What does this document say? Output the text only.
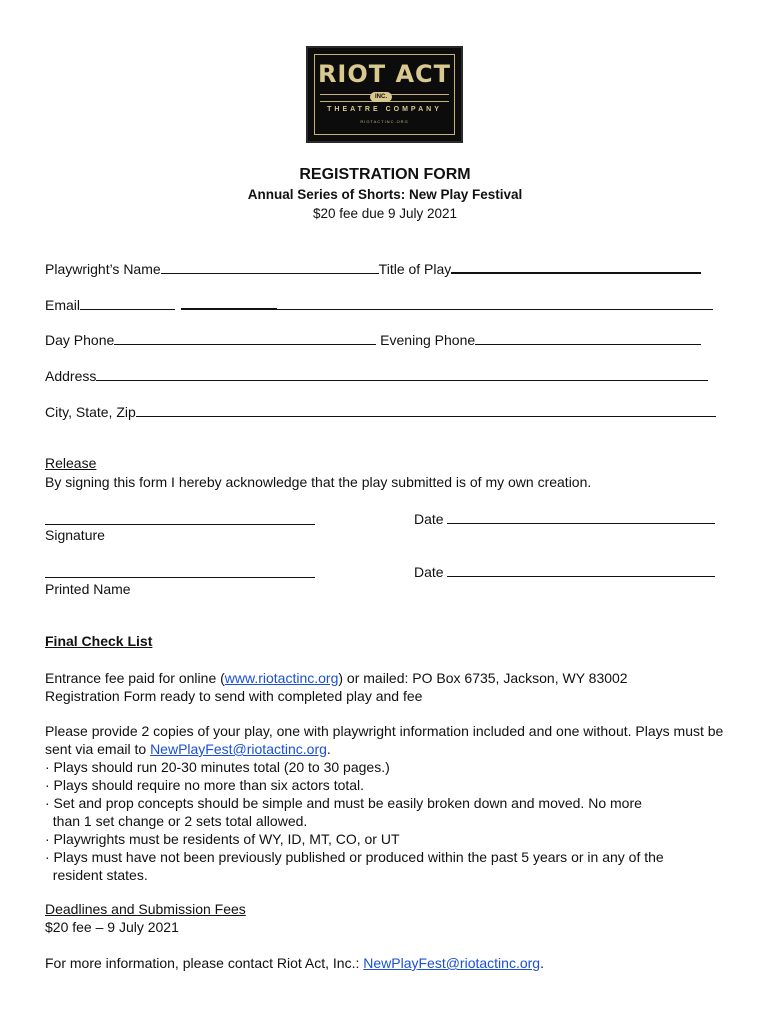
RIOT ACT
INC.
THEATRE COMPANY
RIOTACTINC.ORG
REGISTRATION FORM
Annual Series of Shorts: New Play Festival
$20 fee due 9 July 2021
Playwright’s Name	Title of Play
Email
Day Phone	Evening Phone
Address
City, State, Zip
Release
By signing this form I hereby acknowledge that the play submitted is of my own creation.
Date
Signature
Date
Printed Name
Final Check List
Entrance fee paid for online (www.riotactinc.org) or mailed: PO Box 6735, Jackson, WY 83002
Registration Form ready to send with completed play and fee

Please provide 2 copies of your play, one with playwright information included and one without. Plays must be sent via email to NewPlayFest@riotactinc.org.

· Plays should run 20-30 minutes total (20 to 30 pages.)

· Plays should require no more than six actors total.

· Set and prop concepts should be simple and must be easily broken down and moved. No more

than 1 set change or 2 sets total allowed.

· Playwrights must be residents of WY, ID, MT, CO, or UT

· Plays must have not been previously published or produced within the past 5 years or in any of the

resident states.

Deadlines and Submission Fees
$20 fee – 9 July 2021
For more information, please contact Riot Act, Inc.: NewPlayFest@riotactinc.org.
